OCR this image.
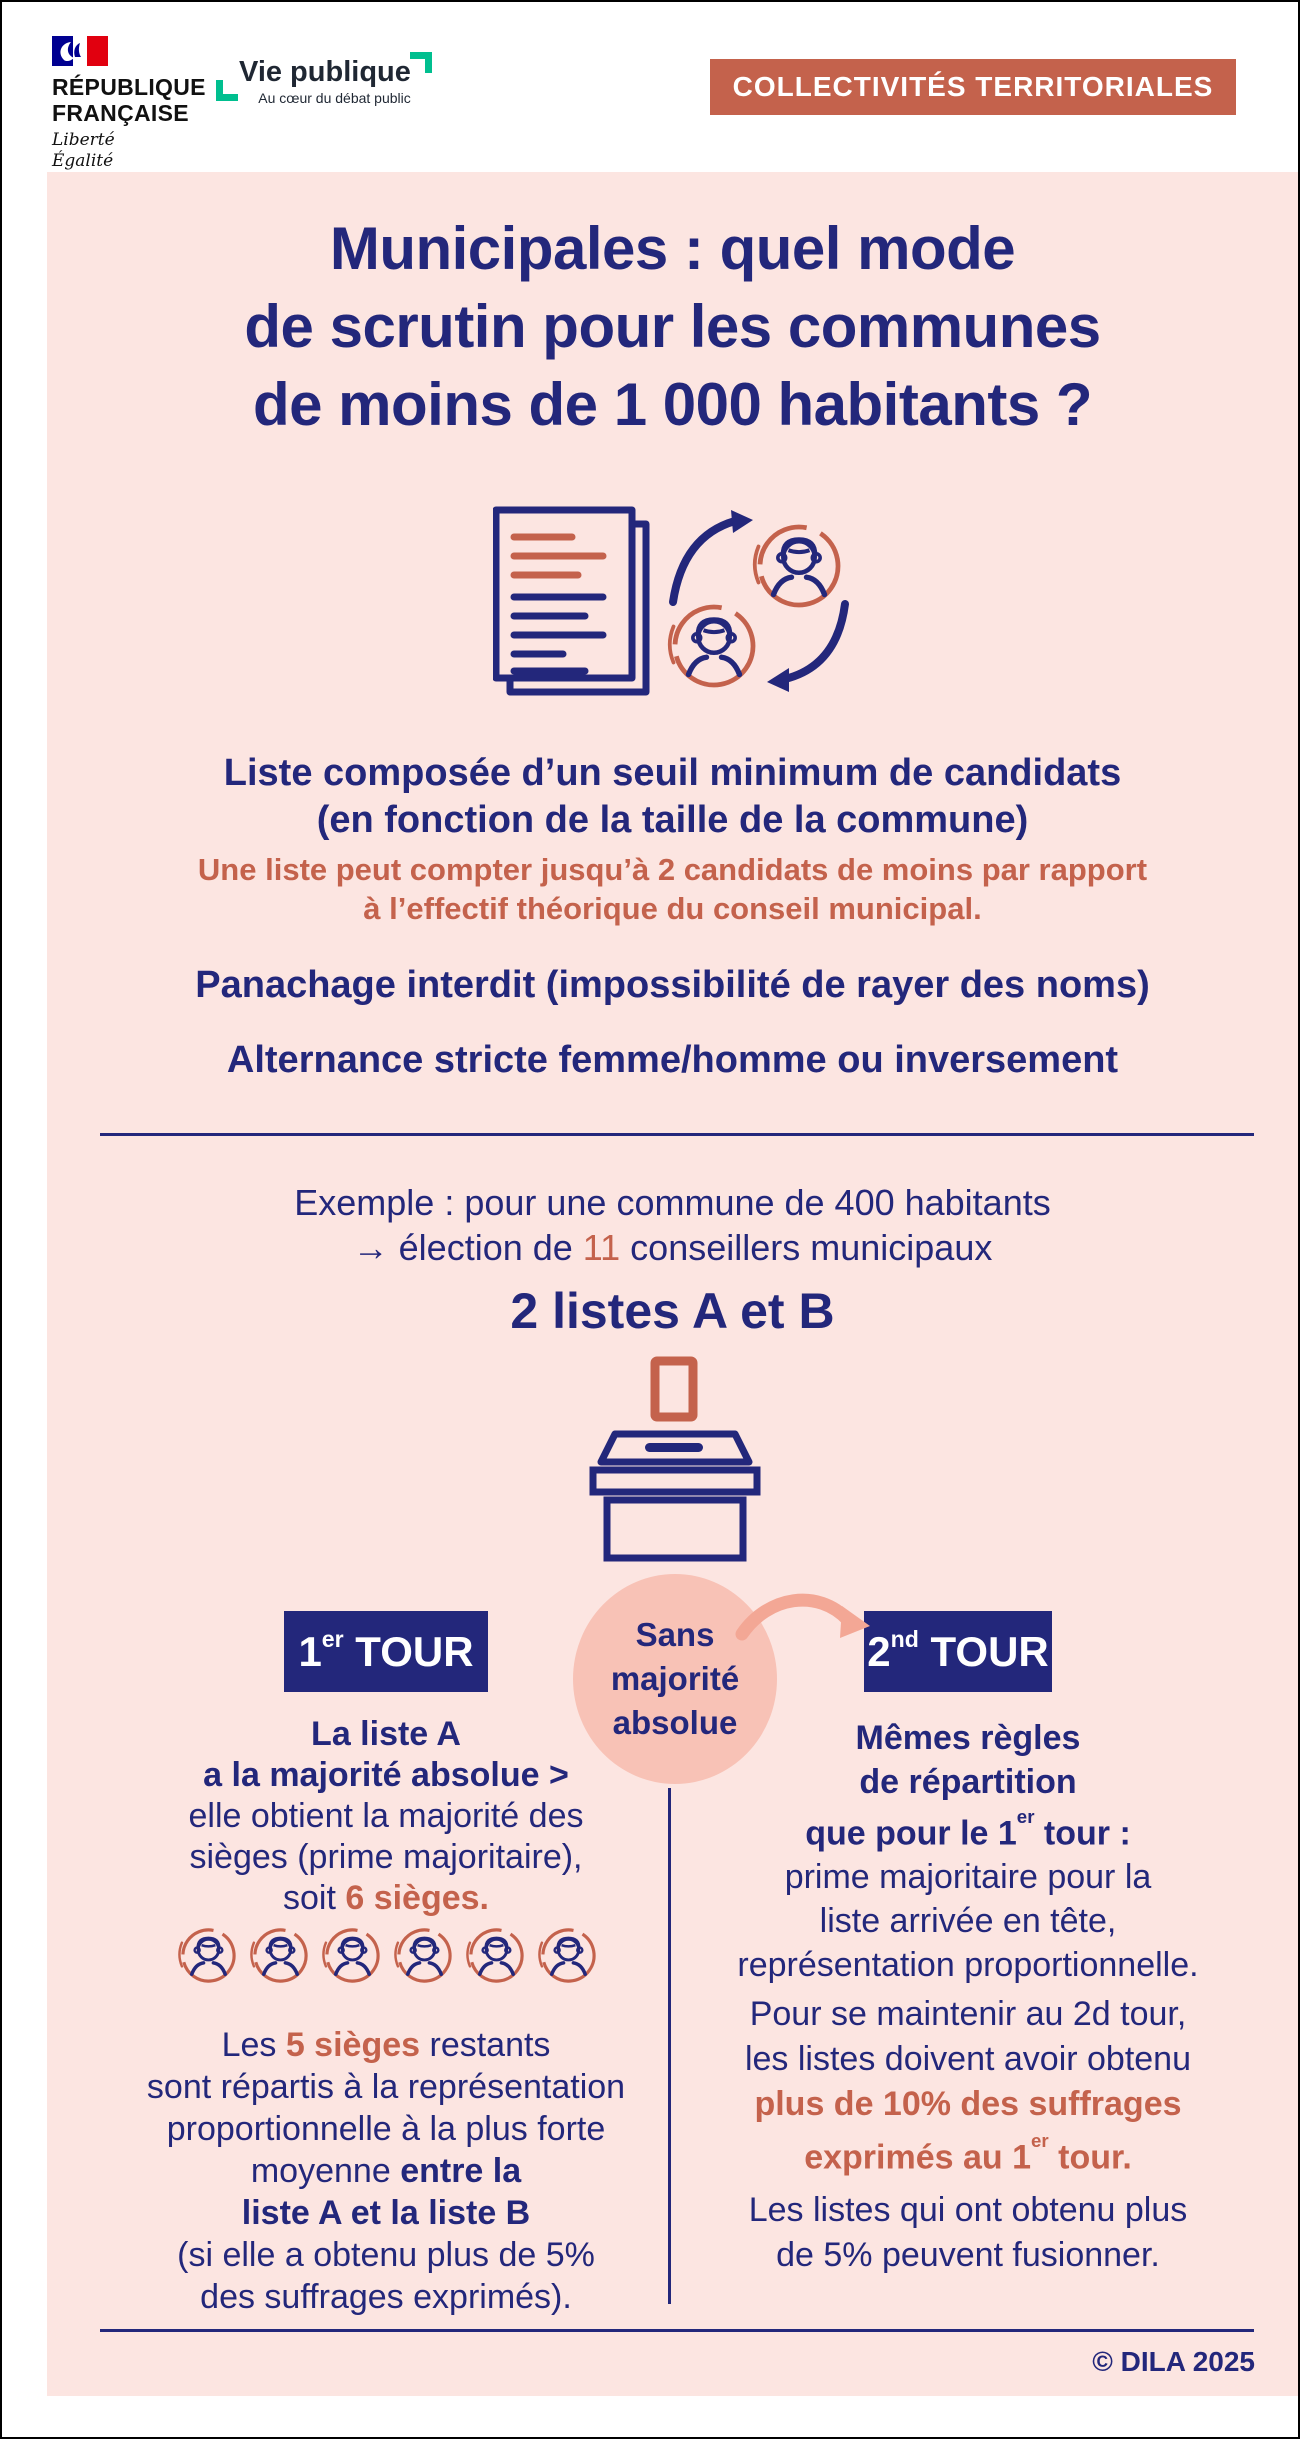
RÉPUBLIQUE
FRANÇAISE
Liberté
Égalité
Vie publique
Au cœur du débat public	COLLECTIVITÉS TERRITORIALES
Municipales : quel mode
de scrutin pour les communes
de moins de 1 000 habitants ?
Liste composée d’un seuil minimum de candidats
(en fonction de la taille de la commune)
Une liste peut compter jusqu’à 2 candidats de moins par rapport
à l’effectif théorique du conseil municipal.
Panachage interdit (impossibilité de rayer des noms)
Alternance stricte femme/homme ou inversement
Exemple : pour une commune de 400 habitants
→ élection de 11 conseillers municipaux
2 listes A et B
1er TOUR	2nd TOUR
Sans
majorité
absolue
La liste A
a la majorité absolue >
elle obtient la majorité des
sièges (prime majoritaire),
soit 6 sièges.
Les 5 sièges restants
sont répartis à la représentation
proportionnelle à la plus forte
moyenne entre la
liste A et la liste B
(si elle a obtenu plus de 5%
des suffrages exprimés).
Mêmes règles
de répartition
que pour le 1er tour :
prime majoritaire pour la
liste arrivée en tête,
représentation proportionnelle.
Pour se maintenir au 2d tour,
les listes doivent avoir obtenu
plus de 10% des suffrages
exprimés au 1er tour.
Les listes qui ont obtenu plus
de 5% peuvent fusionner.
© DILA 2025
